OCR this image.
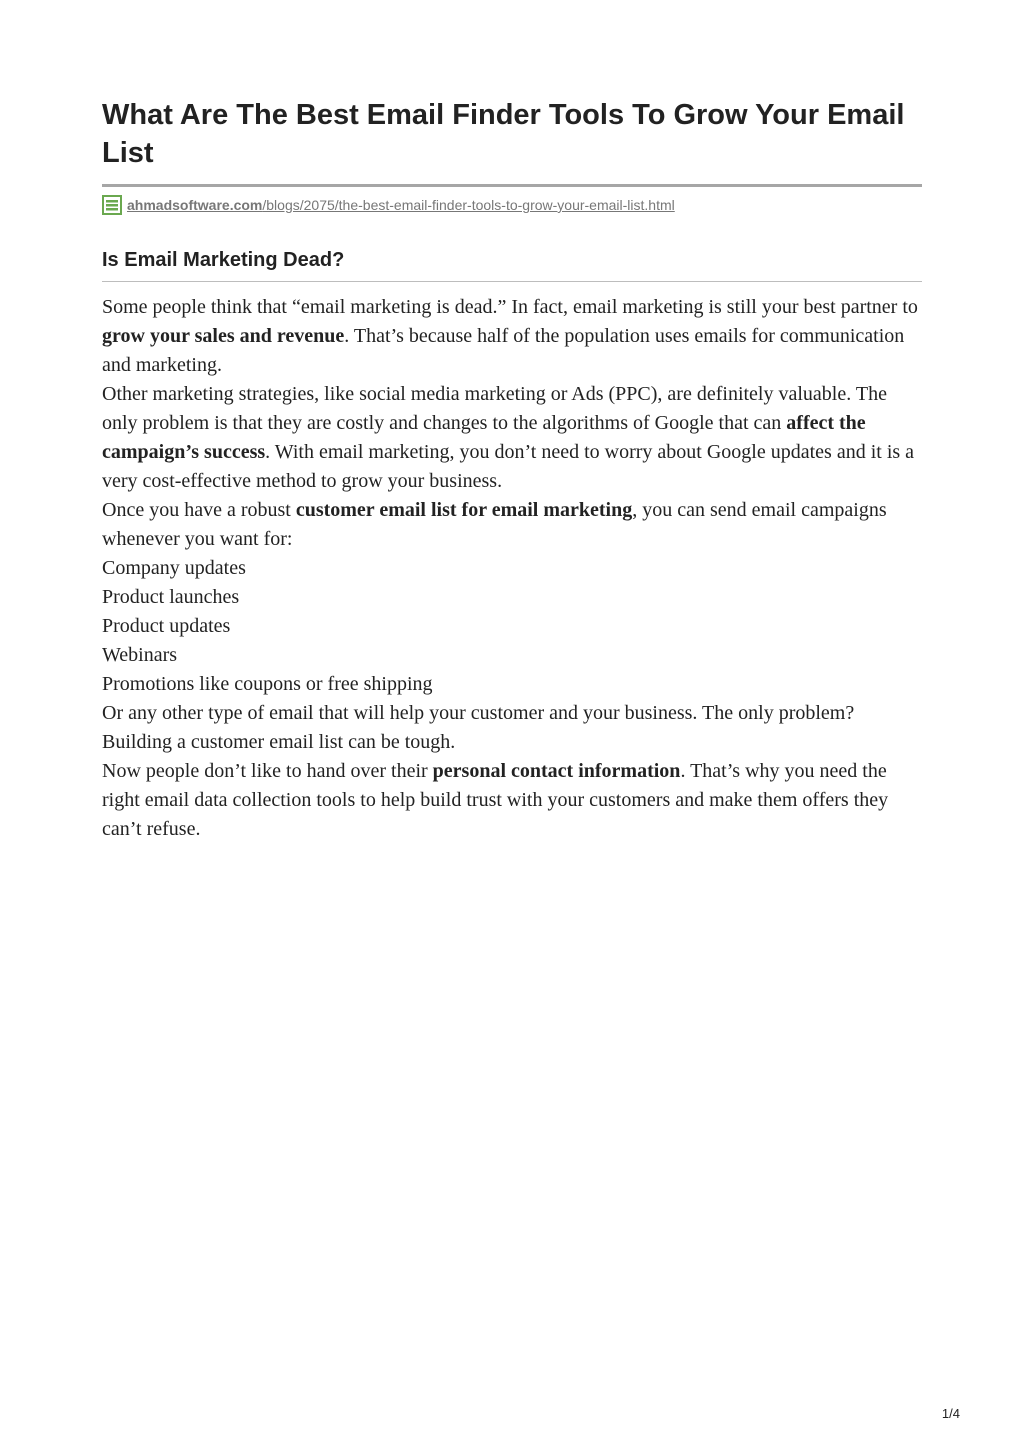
What Are The Best Email Finder Tools To Grow Your Email List
ahmadsoftware.com/blogs/2075/the-best-email-finder-tools-to-grow-your-email-list.html
Is Email Marketing Dead?

Some people think that “email marketing is dead.” In fact, email marketing is still your best partner to grow your sales and revenue. That’s because half of the population uses emails for communication and marketing.

Other marketing strategies, like social media marketing or Ads (PPC), are definitely valuable. The only problem is that they are costly and changes to the algorithms of Google that can affect the campaign’s success. With email marketing, you don’t need to worry about Google updates and it is a very cost-effective method to grow your business.

Once you have a robust customer email list for email marketing, you can send email campaigns whenever you want for:

Company updates

Product launches

Product updates

Webinars

Promotions like coupons or free shipping

Or any other type of email that will help your customer and your business. The only problem? Building a customer email list can be tough.

Now people don’t like to hand over their personal contact information. That’s why you need the right email data collection tools to help build trust with your customers and make them offers they can’t refuse.

1/4
